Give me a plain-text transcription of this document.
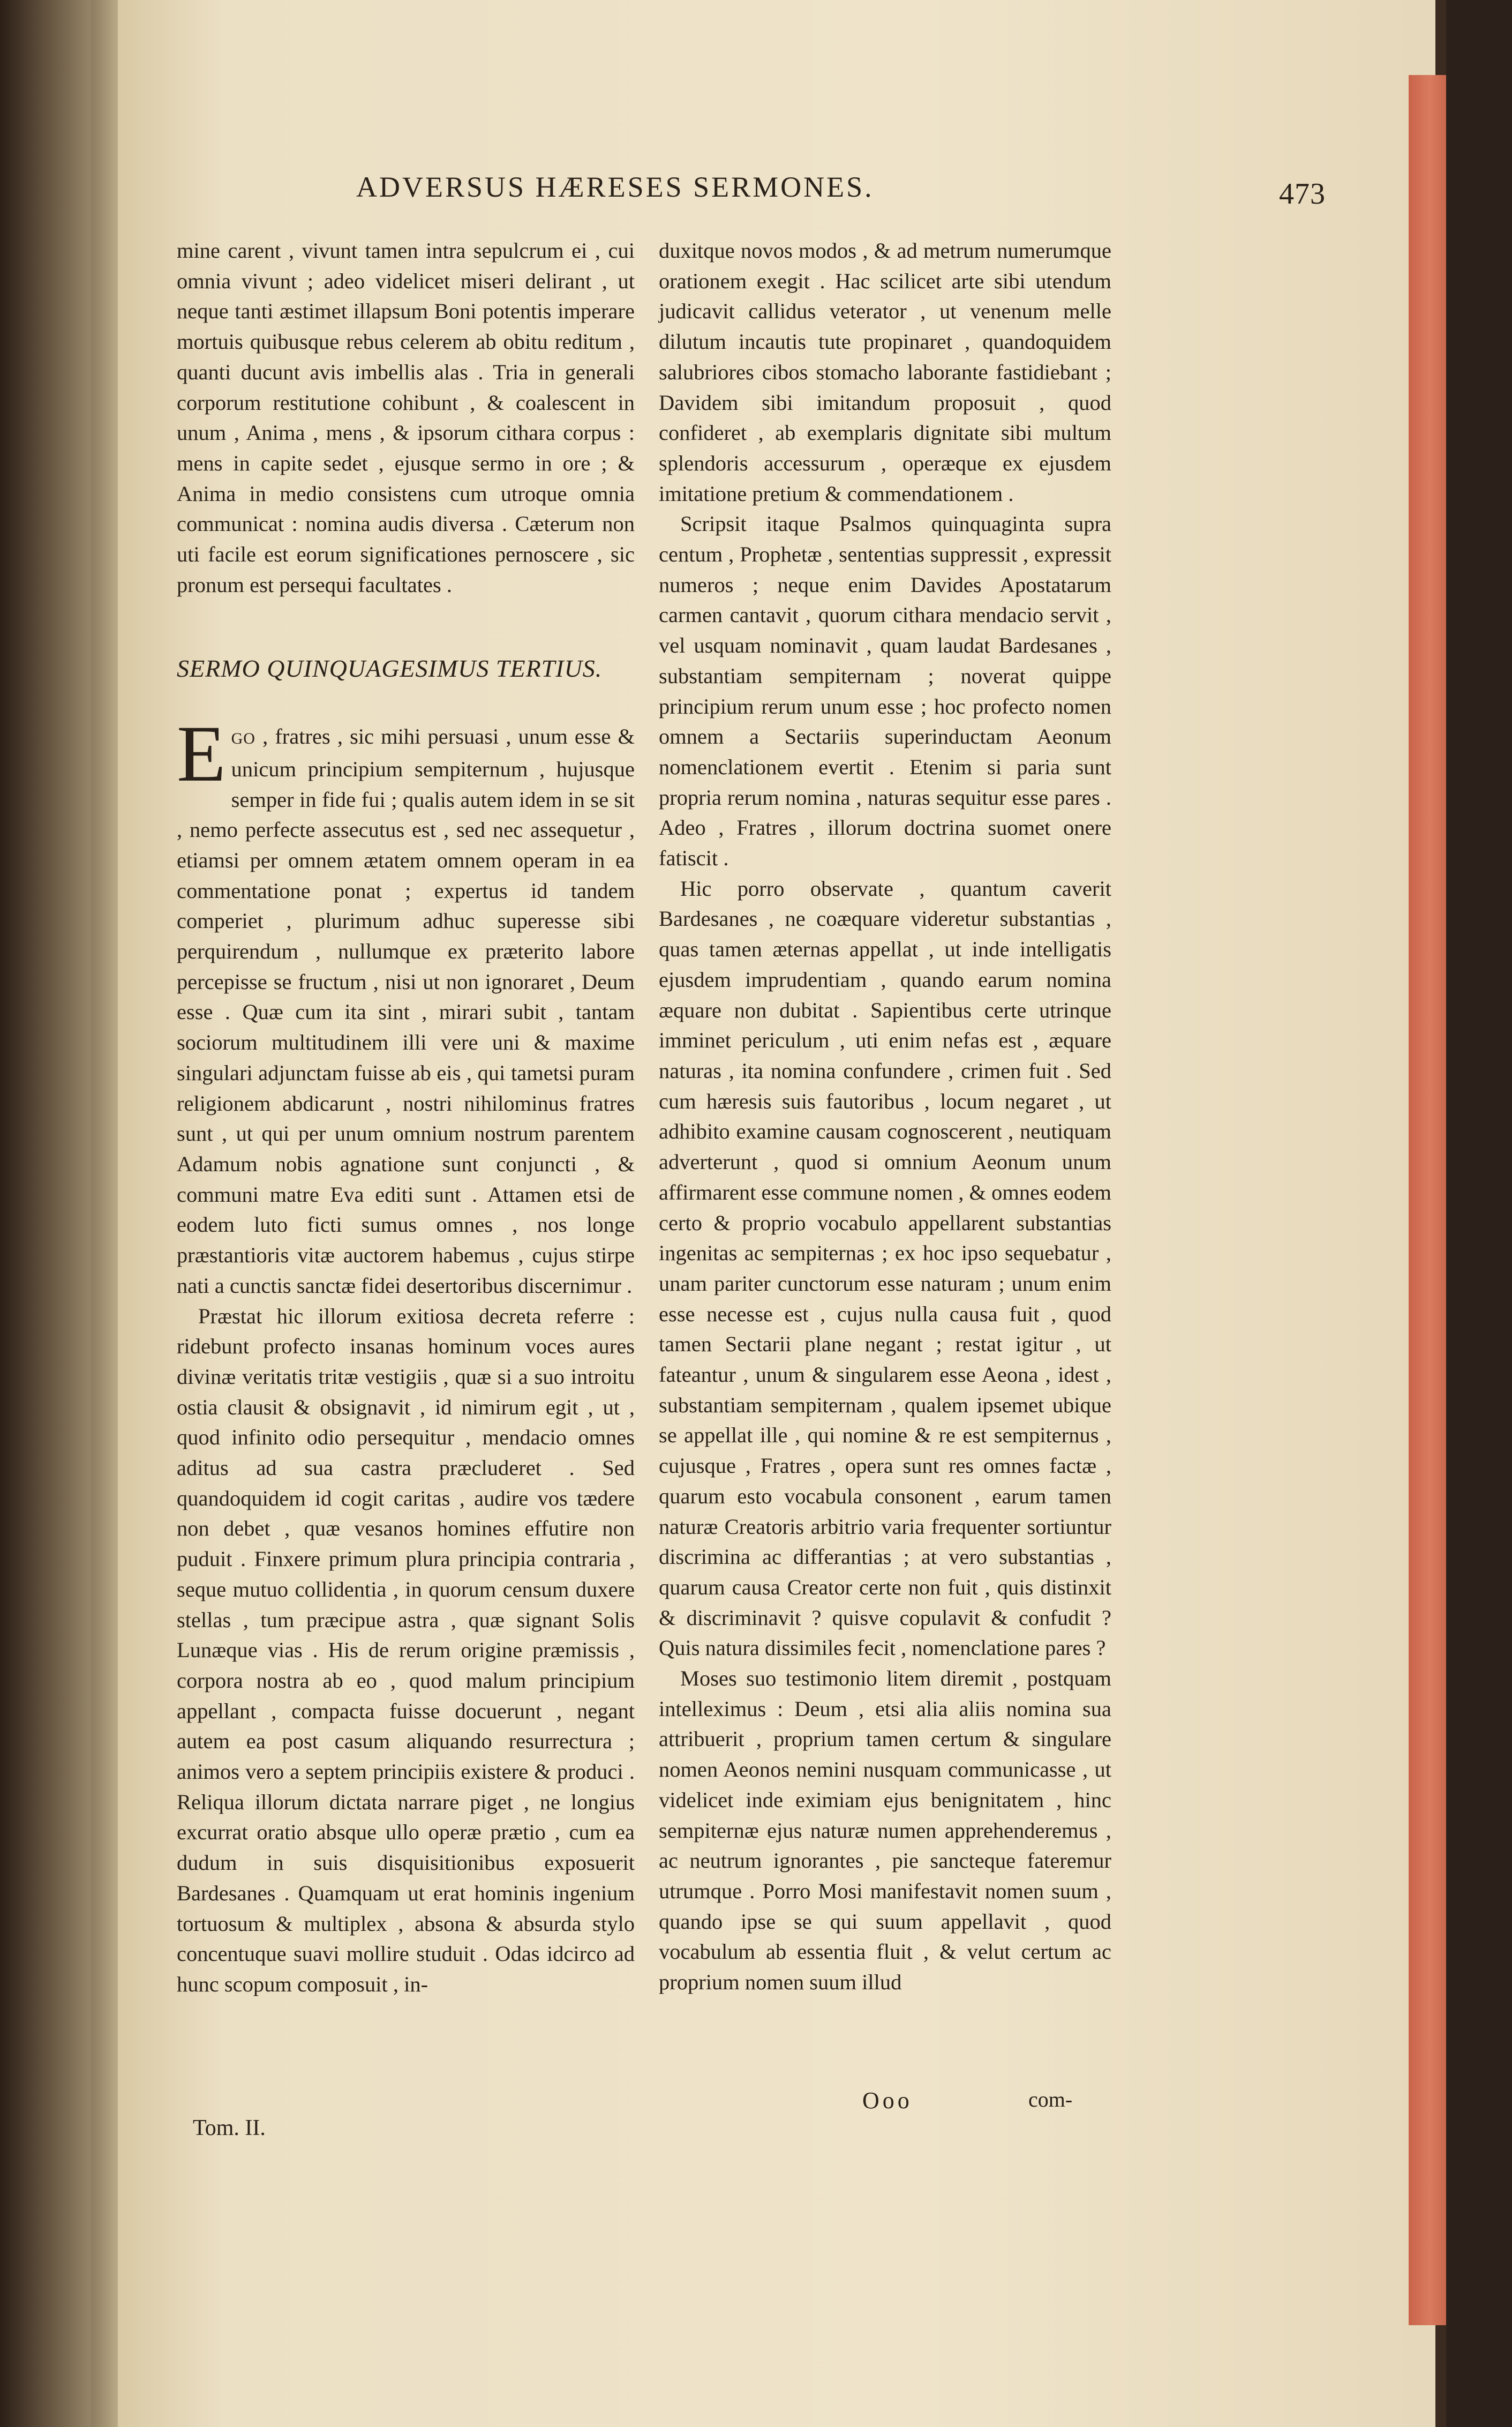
ADVERSUS HÆRESES SERMONES.	473

mine carent , vivunt tamen intra sepulcrum ei , cui omnia vivunt ; adeo videlicet miseri delirant , ut neque tanti æstimet illapsum Boni potentis imperare mortuis quibusque rebus celerem ab obitu reditum , quanti ducunt avis imbellis alas . Tria in generali corporum restitutione cohibunt , & coalescent in unum , Anima , mens , & ipsorum cithara corpus : mens in capite sedet , ejusque sermo in ore ; & Anima in medio consistens cum utroque omnia communicat : nomina audis diversa . Cæterum non uti facile est eorum significationes pernoscere , sic pronum est persequi facultates .

SERMO QUINQUAGESIMUS TERTIUS.

EGO , fratres , sic mihi persuasi , unum esse & unicum principium sempiternum , hujusque semper in fide fui ; qualis autem idem in se sit , nemo perfecte assecutus est , sed nec assequetur , etiamsi per omnem ætatem omnem operam in ea commentatione ponat ; expertus id tandem comperiet , plurimum adhuc superesse sibi perquirendum , nullumque ex præterito labore percepisse se fructum , nisi ut non ignoraret , Deum esse . Quæ cum ita sint , mirari subit , tantam sociorum multitudinem illi vere uni & maxime singulari adjunctam fuisse ab eis , qui tametsi puram religionem abdicarunt , nostri nihilominus fratres sunt , ut qui per unum omnium nostrum parentem Adamum nobis agnatione sunt conjuncti , & communi matre Eva editi sunt . Attamen etsi de eodem luto ficti sumus omnes , nos longe præstantioris vitæ auctorem habemus , cujus stirpe nati a cunctis sanctæ fidei desertoribus discernimur .

Præstat hic illorum exitiosa decreta referre : ridebunt profecto insanas hominum voces aures divinæ veritatis tritæ vestigiis , quæ si a suo introitu ostia clausit & obsignavit , id nimirum egit , ut , quod infinito odio persequitur , mendacio omnes aditus ad sua castra præcluderet . Sed quandoquidem id cogit caritas , audire vos tædere non debet , quæ vesanos homines effutire non puduit . Finxere primum plura principia contraria , seque mutuo collidentia , in quorum censum duxere stellas , tum præcipue astra , quæ signant Solis Lunæque vias . His de rerum origine præmissis , corpora nostra ab eo , quod malum principium appellant , compacta fuisse docuerunt , negant autem ea post casum aliquando resurrectura ; animos vero a septem principiis existere & produci . Reliqua illorum dictata narrare piget , ne longius excurrat oratio absque ullo operæ prætio , cum ea dudum in suis disquisitionibus exposuerit Bardesanes . Quamquam ut erat hominis ingenium tortuosum & multiplex , absona & absurda stylo concentuque suavi mollire studuit . Odas idcirco ad hunc scopum composuit , in-

duxitque novos modos , & ad metrum numerumque orationem exegit . Hac scilicet arte sibi utendum judicavit callidus veterator , ut venenum melle dilutum incautis tute propinaret , quandoquidem salubriores cibos stomacho laborante fastidiebant ; Davidem sibi imitandum proposuit , quod confideret , ab exemplaris dignitate sibi multum splendoris accessurum , operæque ex ejusdem imitatione pretium & commendationem .

Scripsit itaque Psalmos quinquaginta supra centum , Prophetæ , sententias suppressit , expressit numeros ; neque enim Davides Apostatarum carmen cantavit , quorum cithara mendacio servit , vel usquam nominavit , quam laudat Bardesanes , substantiam sempiternam ; noverat quippe principium rerum unum esse ; hoc profecto nomen omnem a Sectariis superinductam Aeonum nomenclationem evertit . Etenim si paria sunt propria rerum nomina , naturas sequitur esse pares . Adeo , Fratres , illorum doctrina suomet onere fatiscit .

Hic porro observate , quantum caverit Bardesanes , ne coæquare videretur substantias , quas tamen æternas appellat , ut inde intelligatis ejusdem imprudentiam , quando earum nomina æquare non dubitat . Sapientibus certe utrinque imminet periculum , uti enim nefas est , æquare naturas , ita nomina confundere , crimen fuit . Sed cum hæresis suis fautoribus , locum negaret , ut adhibito examine causam cognoscerent , neutiquam adverterunt , quod si omnium Aeonum unum affirmarent esse commune nomen , & omnes eodem certo & proprio vocabulo appellarent substantias ingenitas ac sempiternas ; ex hoc ipso sequebatur , unam pariter cunctorum esse naturam ; unum enim esse necesse est , cujus nulla causa fuit , quod tamen Sectarii plane negant ; restat igitur , ut fateantur , unum & singularem esse Aeona , idest , substantiam sempiternam , qualem ipsemet ubique se appellat ille , qui nomine & re est sempiternus , cujusque , Fratres , opera sunt res omnes factæ , quarum esto vocabula consonent , earum tamen naturæ Creatoris arbitrio varia frequenter sortiuntur discrimina ac differantias ; at vero substantias , quarum causa Creator certe non fuit , quis distinxit & discriminavit ? quisve copulavit & confudit ? Quis natura dissimiles fecit , nomenclatione pares ?

Moses suo testimonio litem diremit , postquam intelleximus : Deum , etsi alia aliis nomina sua attribuerit , proprium tamen certum & singulare nomen Aeonos nemini nusquam communicasse , ut videlicet inde eximiam ejus benignitatem , hinc sempiternæ ejus naturæ numen apprehenderemus , ac neutrum ignorantes , pie sancteque fateremur utrumque . Porro Mosi manifestavit nomen suum , quando ipse se qui suum appellavit , quod vocabulum ab essentia fluit , & velut certum ac proprium nomen suum illud

Tom. II.
Ooo	com-
